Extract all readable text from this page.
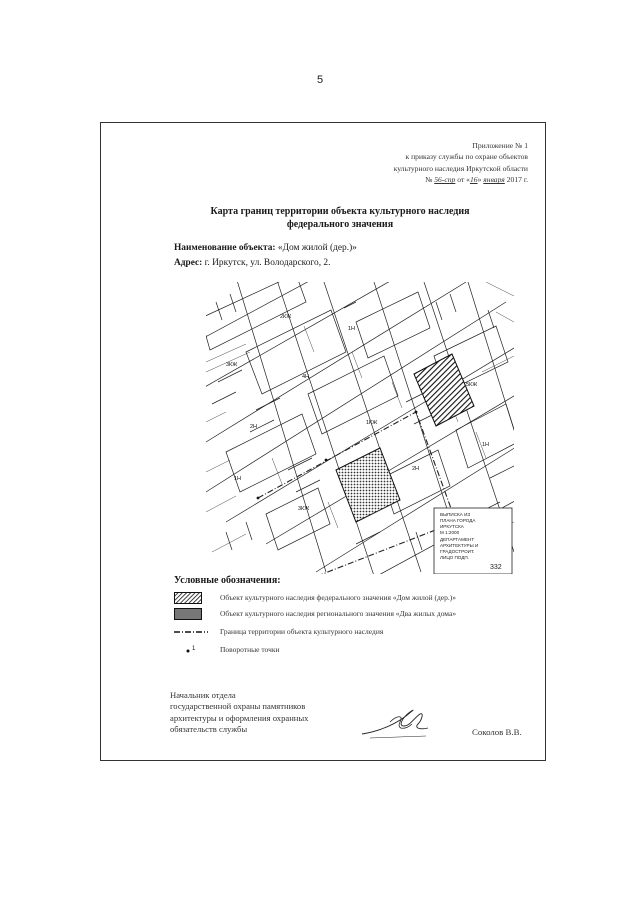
5
Приложение № 1
к приказу службы по охране объектов
культурного наследия Иркутской области
№ 56-спр от «16» января 2017 г.
Карта границ территории объекта культурного наследия
федерального значения
Наименование объекта: «Дом жилой (дер.)»
Адрес: г. Иркутск, ул. Володарского, 2.
2КЖ
1Н
3КЖ
4Н
1КЖ
2Н
5КЖ
1Н
3КЖ
2Н
1Н
ВЫПИСКА ИЗ
ПЛАНА ГОРОДА
ИРКУТСКА
М 1:2000
ДЕПАРТАМЕНТ
АРХИТЕКТУРЫ И
ГРАДОСТРОИТ.
ЛИЦО ПОДП.
332
Условные обозначения:
Объект культурного наследия федерального значения «Дом жилой (дер.)»
Объект культурного наследия регионального значения «Два жилых дома»
Граница территории объекта культурного наследия
1	Поворотные точки
Начальник отдела
государственной охраны памятников
архитектуры и оформления охранных
обязательств службы	Соколов В.В.
